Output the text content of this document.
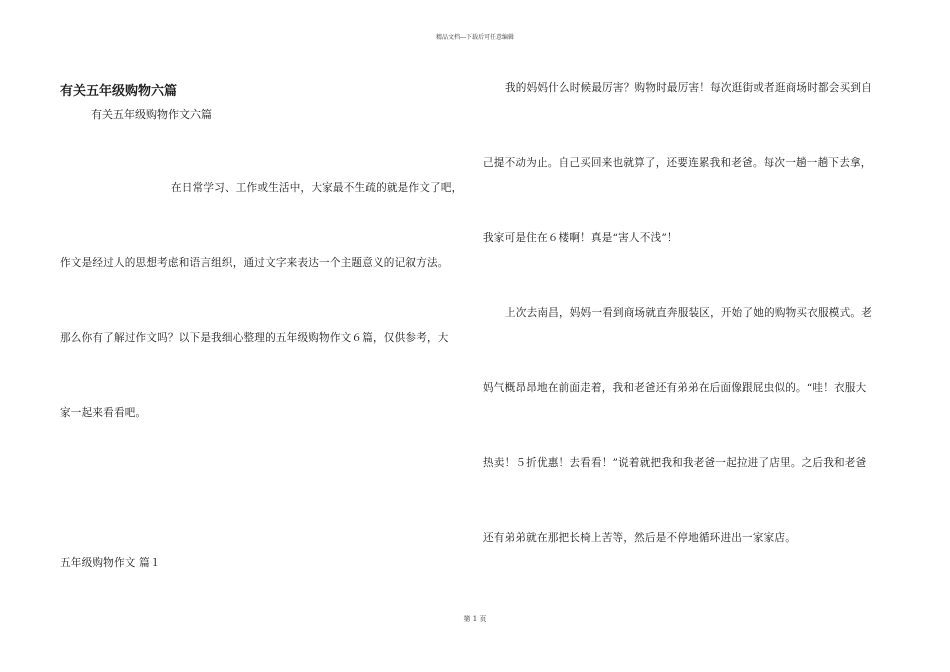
精品文档---下载后可任意编辑
有关五年级购物六篇
有关五年级购物作文六篇
在日常学习、工作或生活中，大家最不生疏的就是作文了吧，
作文是经过人的思想考虑和语言组织，通过文字来表达一个主题意义的记叙方法。
那么你有了解过作文吗？以下是我细心整理的五年级购物作文６篇，仅供参考，大
家一起来看看吧。
五年级购物作文 篇１
我的妈妈什么时候最厉害？购物时最厉害！每次逛街或者逛商场时都会买到自
己提不动为止。自己买回来也就算了，还要连累我和老爸。每次一趟一趟下去拿，
我家可是住在６楼啊！真是“害人不浅”！
上次去南昌，妈妈一看到商场就直奔服装区，开始了她的购物买衣服模式。老
妈气概昂昂地在前面走着，我和老爸还有弟弟在后面像跟屁虫似的。“哇！衣服大
热卖！５折优惠！去看看！”说着就把我和我老爸一起拉进了店里。之后我和老爸
还有弟弟就在那把长椅上苦等，然后是不停地循环进出一家家店。
第 1 页
